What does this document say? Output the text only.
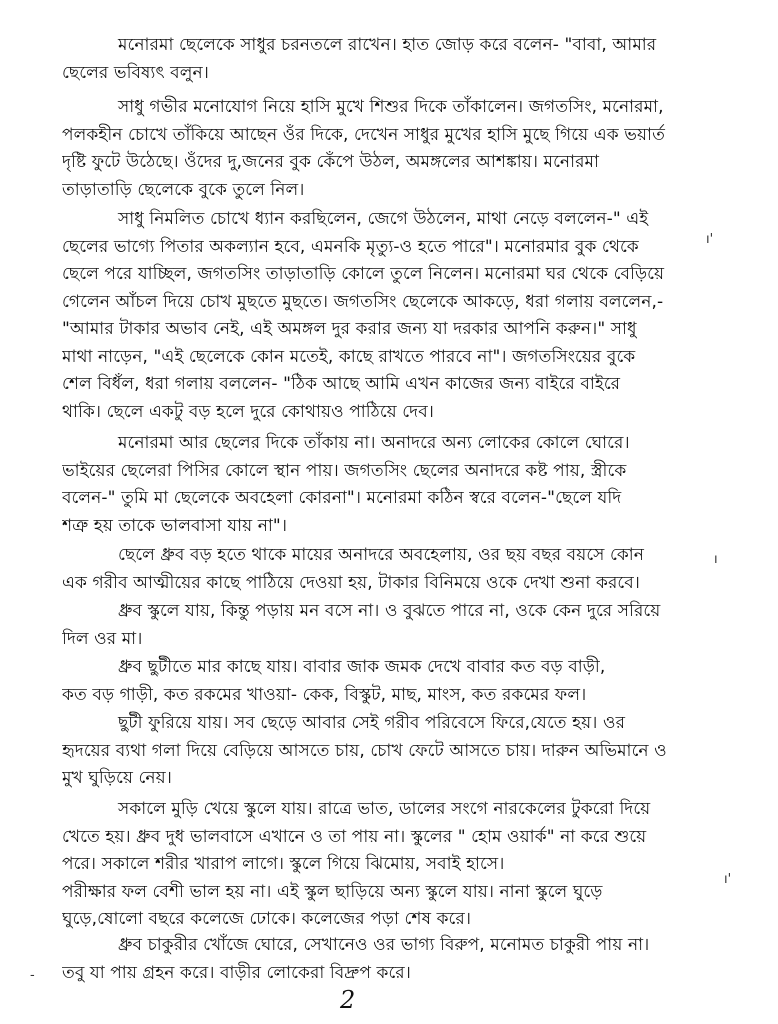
মনোরমা ছেলেকে সাধুর চরনতলে রাখেন। হাত জোড় করে বলেন- "বাবা, আমার
ছেলের ভবিষ্যৎ বলুন।

সাধু গভীর মনোযোগ নিয়ে হাসি মুখে শিশুর দিকে তাঁকালেন। জগতসিং, মনোরমা,
পলকহীন চোখে তাঁকিয়ে আছেন ওঁর দিকে, দেখেন সাধুর মুখের হাসি মুছে গিয়ে এক ভয়ার্ত
দৃষ্টি ফুটে উঠেছে। ওঁদের দু,জনের বুক কেঁপে উঠল, অমঙ্গলের আশঙ্কায়। মনোরমা
তাড়াতাড়ি ছেলেকে বুকে তুলে নিল।

সাধু নিমলিত চোখে ধ্যান করছিলেন, জেগে উঠলেন, মাথা নেড়ে বললেন-" এই
ছেলের ভাগ্যে পিতার অকল্যান হবে, এমনকি মৃত্যু-ও হতে পারে"। মনোরমার বুক থেকে
ছেলে পরে যাচ্ছিল, জগতসিং তাড়াতাড়ি কোলে তুলে নিলেন। মনোরমা ঘর থেকে বেড়িয়ে
গেলেন আঁচল দিয়ে চোখ মুছতে মুছতে। জগতসিং ছেলেকে আকড়ে, ধরা গলায় বললেন,-
"আমার টাকার অভাব নেই, এই অমঙ্গল দুর করার জন্য যা দরকার আপনি করুন।" সাধু
মাথা নাড়েন, "এই ছেলেকে কোন মতেই, কাছে রাখতে পারবে না"। জগতসিংয়ের বুকে
শেল বিধঁল, ধরা গলায় বললেন- "ঠিক আছে আমি এখন কাজের জন্য বাইরে বাইরে
থাকি। ছেলে একটু বড় হলে দুরে কোথায়ও পাঠিয়ে দেব।

মনোরমা আর ছেলের দিকে তাঁকায় না। অনাদরে অন্য লোকের কোলে ঘোরে।
ভাইয়ের ছেলেরা পিসির কোলে স্থান পায়। জগতসিং ছেলের অনাদরে কষ্ট পায়, স্ত্রীকে
বলেন-" তুমি মা ছেলেকে অবহেলা কোরনা"। মনোরমা কঠিন স্বরে বলেন-"ছেলে যদি
শত্রু হয় তাকে ভালবাসা যায় না"।

ছেলে ধ্রুব বড় হতে থাকে মায়ের অনাদরে অবহেলায়, ওর ছয় বছর বয়সে কোন
এক গরীব আত্মীয়ের কাছে পাঠিয়ে দেওয়া হয়, টাকার বিনিময়ে ওকে দেখা শুনা করবে।

ধ্রুব স্কুলে যায়, কিন্তু পড়ায় মন বসে না। ও বুঝতে পারে না, ওকে কেন দুরে সরিয়ে
দিল ওর মা।

ধ্রুব ছুটীতে মার কাছে যায়। বাবার জাক জমক দেখে বাবার কত বড় বাড়ী,
কত বড় গাড়ী, কত রকমের খাওয়া- কেক, বিস্কুট, মাছ, মাংস, কত রকমের ফল।

ছুটী ফুরিয়ে যায়। সব ছেড়ে আবার সেই গরীব পরিবেসে ফিরে,যেতে হয়। ওর
হৃদয়ের ব্যথা গলা দিয়ে বেড়িয়ে আসতে চায়, চোখ ফেটে আসতে চায়। দারুন অভিমানে ও
মুখ ঘুড়িয়ে নেয়।

সকালে মুড়ি খেয়ে স্কুলে যায়। রাত্রে ভাত, ডালের সংগে নারকেলের টুকরো দিয়ে
খেতে হয়। ধ্রুব দুধ ভালবাসে এখানে ও তা পায় না। স্কুলের " হোম ওয়ার্ক" না করে শুয়ে
পরে। সকালে শরীর খারাপ লাগে। স্কুলে গিয়ে ঝিমোয়, সবাই হাসে।
পরীক্ষার ফল বেশী ভাল হয় না। এই স্কুল ছাড়িয়ে অন্য স্কুলে যায়। নানা স্কুলে ঘুড়ে
ঘুড়ে,ষোলো বছরে কলেজে ঢোকে। কলেজের পড়া শেষ করে।

ধ্রুব চাকুরীর খোঁজে ঘোরে, সেখানেও ওর ভাগ্য বিরুপ, মনোমত চাকুরী পায় না।
তবু যা পায় গ্রহন করে। বাড়ীর লোকেরা বিদ্রুপ করে।

ı'
ı
ı'
-
2
